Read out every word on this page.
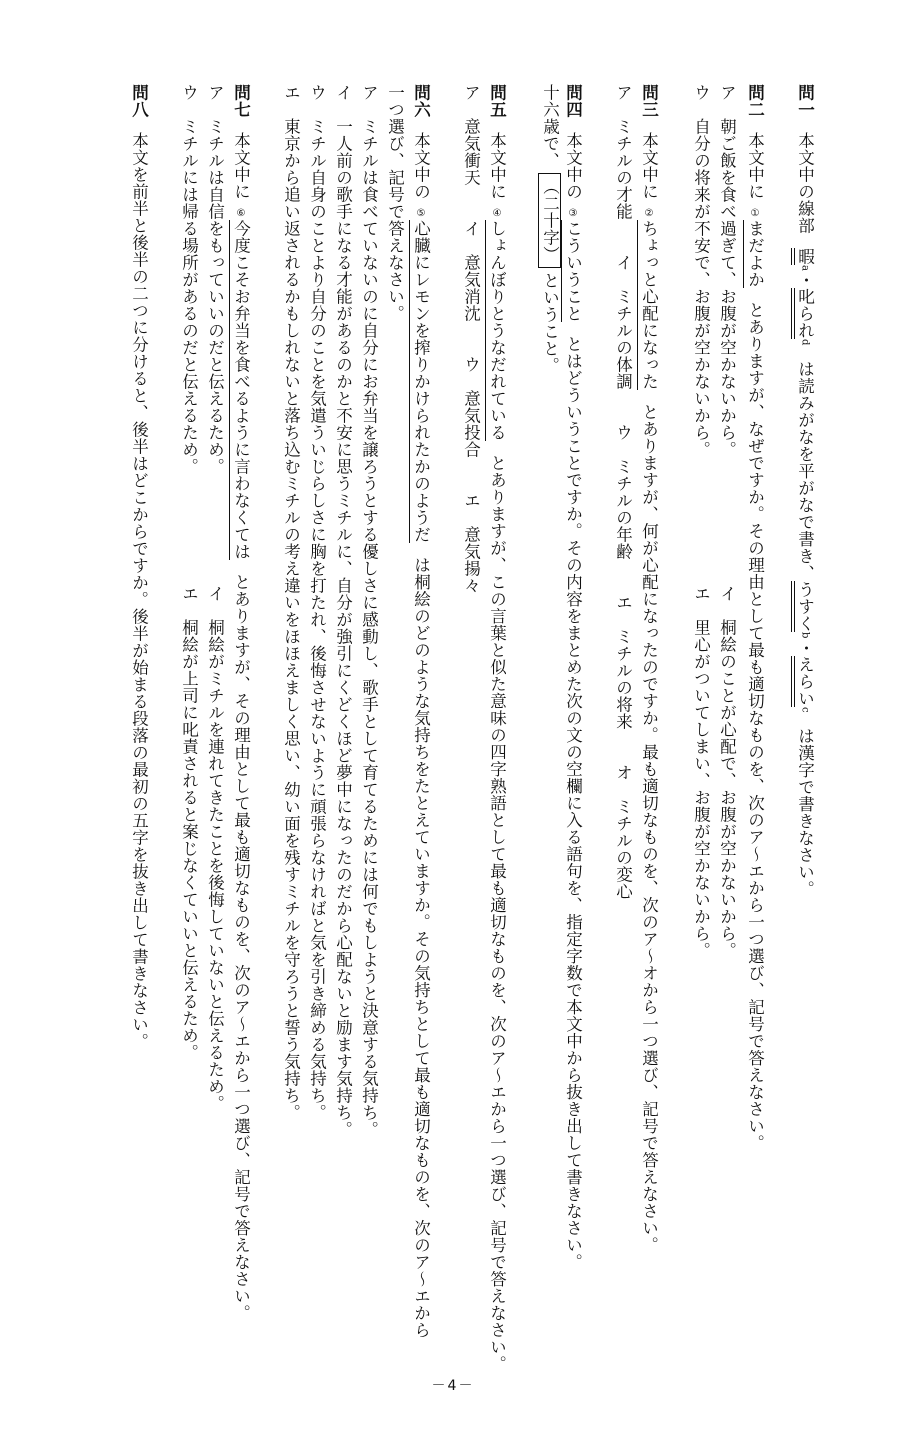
問一本文中の線部暇a・叱られdは読みがなを平がなで書き、うすくb・えらいcは漢字で書きなさい。
問二本文中に①まだよかとありますが、なぜですか。その理由として最も適切なものを、次のア～エから一つ選び、記号で答えなさい。
ア　朝ご飯を食べ過ぎて、お腹が空かないから。
イ　桐絵のことが心配で、お腹が空かないから。
ウ　自分の将来が不安で、お腹が空かないから。
エ　里心がついてしまい、お腹が空かないから。
問三本文中に②ちょっと心配になったとありますが、何が心配になったのですか。最も適切なものを、次のア～オから一つ選び、記号で答えなさい。
ア　ミチルの才能　　イ　ミチルの体調　　ウ　ミチルの年齢　　エ　ミチルの将来　　オ　ミチルの変心
問四本文中の③こういうこととはどういうことですか。その内容をまとめた次の文の空欄に入る語句を、指定字数で本文中から抜き出して書きなさい。
十六歳で、（二十字）ということ。
問五本文中に④しょんぼりとうなだれているとありますが、この言葉と似た意味の四字熟語として最も適切なものを、次のア～エから一つ選び、記号で答えなさい。
ア　意気衝天　　イ　意気消沈　　ウ　意気投合　　エ　意気揚々
問六本文中の⑤心臓にレモンを搾りかけられたかのようだは桐絵のどのような気持ちをたとえていますか。その気持ちとして最も適切なものを、次のア～エから
一つ選び、記号で答えなさい。
ア　ミチルは食べていないのに自分にお弁当を譲ろうとする優しさに感動し、歌手として育てるためには何でもしようと決意する気持ち。
イ　一人前の歌手になる才能があるのかと不安に思うミチルに、自分が強引にくどくほど夢中になったのだから心配ないと励ます気持ち。
ウ　ミチル自身のことより自分のことを気遣ういじらしさに胸を打たれ、後悔させないように頑張らなければと気を引き締める気持ち。
エ　東京から追い返されるかもしれないと落ち込むミチルの考え違いをほほえましく思い、幼い面を残すミチルを守ろうと誓う気持ち。
問七本文中に⑥今度こそお弁当を食べるように言わなくてはとありますが、その理由として最も適切なものを、次のア～エから一つ選び、記号で答えなさい。
ア　ミチルは自信をもっていいのだと伝えるため。
イ　桐絵がミチルを連れてきたことを後悔していないと伝えるため。
ウ　ミチルには帰る場所があるのだと伝えるため。
エ　桐絵が上司に叱責されると案じなくていいと伝えるため。
問八本文を前半と後半の二つに分けると、後半はどこからですか。後半が始まる段落の最初の五字を抜き出して書きなさい。
－4－
